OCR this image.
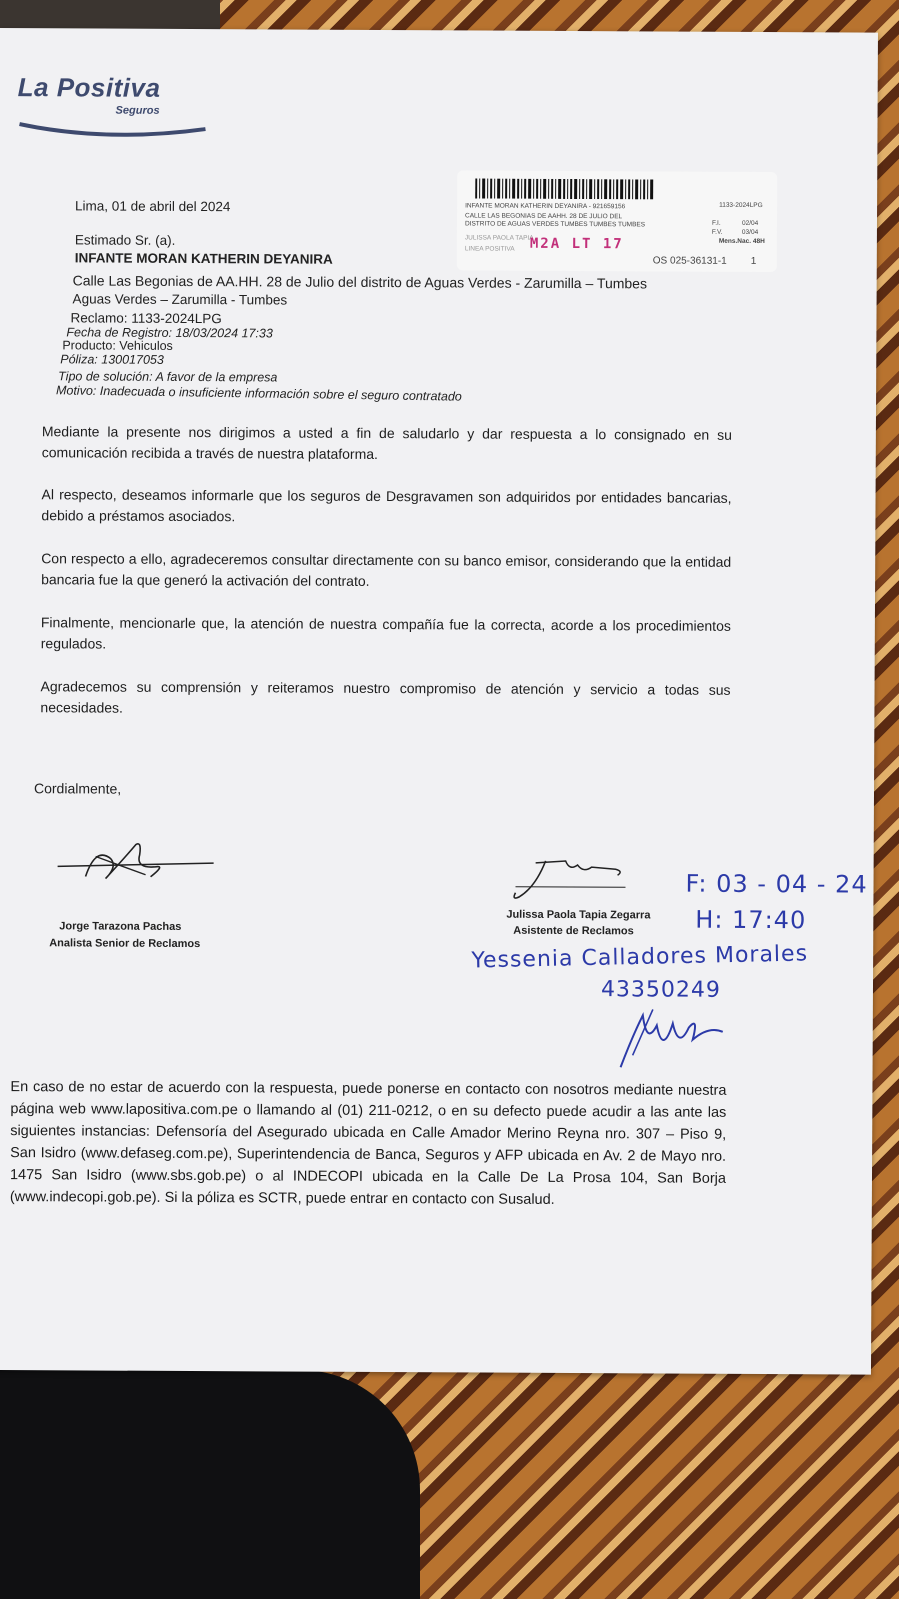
La Positiva
Seguros
INFANTE MORAN KATHERIN DEYANIRA - 921659156
CALLE LAS BEGONIAS DE AAHH. 28 DE JULIO DEL
DISTRITO DE AGUAS VERDES TUMBES TUMBES TUMBES
JULISSA PAOLA TAPIA
LINEA POSITIVA
1133-2024LPG
F.I.	02/04
F.V.	03/04
Mens.Nac. 48H
M2A LT 17
OS 025-36131-1 1
Lima, 01 de abril del 2024
Estimado Sr. (a).
INFANTE MORAN KATHERIN DEYANIRA
Calle Las Begonias de AA.HH. 28 de Julio del distrito de Aguas Verdes - Zarumilla – Tumbes
Aguas Verdes – Zarumilla - Tumbes
Reclamo: 1133-2024LPG
Fecha de Registro: 18/03/2024 17:33
Producto: Vehiculos
Póliza: 130017053
Tipo de solución: A favor de la empresa
Motivo: Inadecuada o insuficiente información sobre el seguro contratado
Mediante la presente nos dirigimos a usted a fin de saludarlo y dar respuesta a lo consignado en su comunicación recibida a través de nuestra plataforma.
Al respecto, deseamos informarle que los seguros de Desgravamen son adquiridos por entidades bancarias, debido a préstamos asociados.
Con respecto a ello, agradeceremos consultar directamente con su banco emisor, considerando que la entidad bancaria fue la que generó la activación del contrato.
Finalmente, mencionarle que, la atención de nuestra compañía fue la correcta, acorde a los procedimientos regulados.
Agradecemos su comprensión y reiteramos nuestro compromiso de atención y servicio a todas sus necesidades.
Cordialmente,
Jorge Tarazona Pachas
Analista Senior de Reclamos
Julissa Paola Tapia Zegarra
Asistente de Reclamos
F: 03 - 04 - 24
H: 17:40
Yessenia Calladores Morales
43350249
En caso de no estar de acuerdo con la respuesta, puede ponerse en contacto con nosotros mediante nuestra página web www.lapositiva.com.pe o llamando al (01) 211-0212, o en su defecto puede acudir a las ante las siguientes instancias: Defensoría del Asegurado ubicada en Calle Amador Merino Reyna nro. 307 – Piso 9, San Isidro (www.defaseg.com.pe), Superintendencia de Banca, Seguros y AFP ubicada en Av. 2 de Mayo nro. 1475 San Isidro (www.sbs.gob.pe) o al INDECOPI ubicada en la Calle De La Prosa 104, San Borja (www.indecopi.gob.pe). Si la póliza es SCTR, puede entrar en contacto con Susalud.
